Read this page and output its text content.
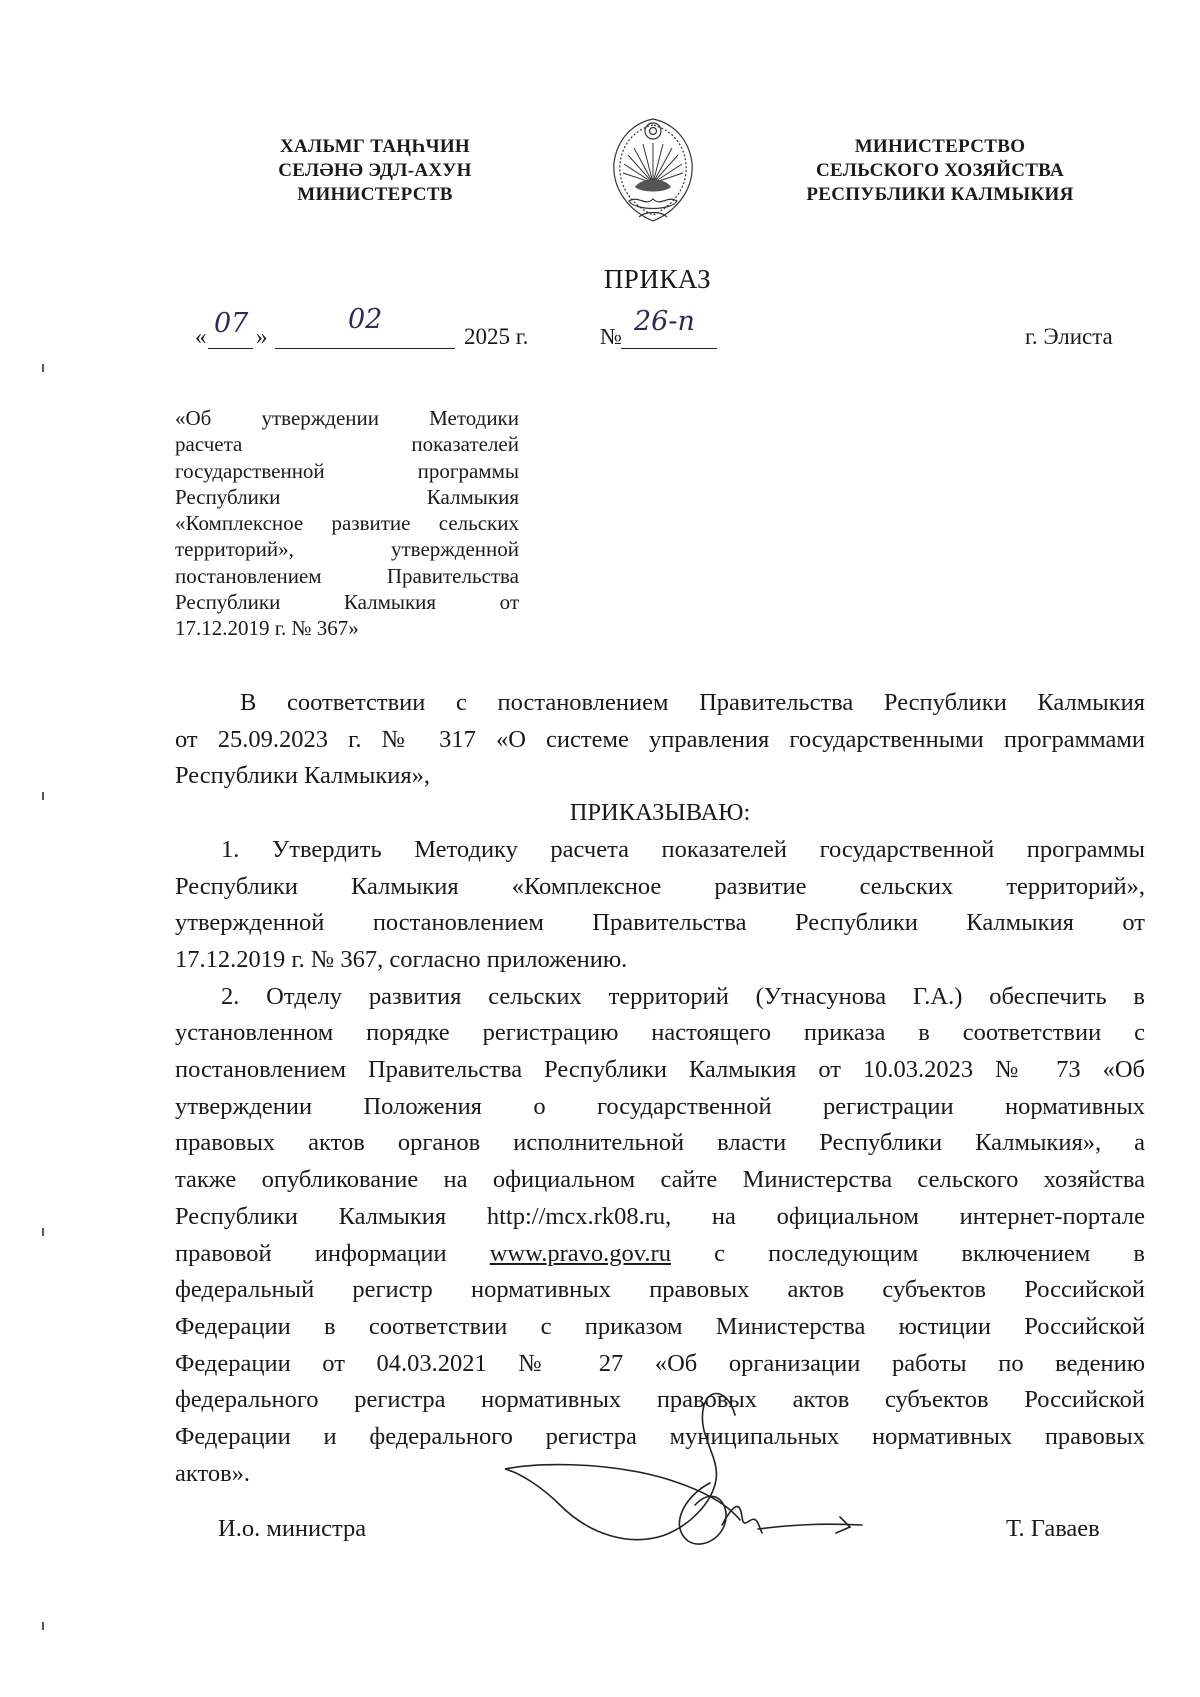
ХАЛЬМГ ТАҢҺЧИН
СЕЛӘНӘ ЭДЛ-АХУН
МИНИСТЕРСТВ
МИНИСТЕРСТВО
СЕЛЬСКОГО ХОЗЯЙСТВА
РЕСПУБЛИКИ КАЛМЫКИЯ
ПРИКАЗ
« 07 »
02
2025 г.	№ 26-п	г. Элиста
«Об утверждении Методики
расчета показателей
государственной программы
Республики Калмыкия
«Комплексное развитие сельских
территорий», утвержденной
постановлением Правительства
Республики Калмыкия от
17.12.2019 г. № 367»
В соответствии с постановлением Правительства Республики Калмыкия
от 25.09.2023 г. № 317 «О системе управления государственными программами
Республики Калмыкия»,
ПРИКАЗЫВАЮ:
1. Утвердить Методику расчета показателей государственной программы
Республики Калмыкия «Комплексное развитие сельских территорий»,
утвержденной постановлением Правительства Республики Калмыкия от
17.12.2019 г. № 367, согласно приложению.
2. Отделу развития сельских территорий (Утнасунова Г.А.) обеспечить в
установленном порядке регистрацию настоящего приказа в соответствии с
постановлением Правительства Республики Калмыкия от 10.03.2023 № 73 «Об
утверждении Положения о государственной регистрации нормативных
правовых актов органов исполнительной власти Республики Калмыкия», а
также опубликование на официальном сайте Министерства сельского хозяйства
Республики Калмыкия http://mcx.rk08.ru, на официальном интернет-портале
правовой информации www.pravo.gov.ru с последующим включением в
федеральный регистр нормативных правовых актов субъектов Российской
Федерации в соответствии с приказом Министерства юстиции Российской
Федерации от 04.03.2021 № 27 «Об организации работы по ведению
федерального регистра нормативных правовых актов субъектов Российской
Федерации и федерального регистра муниципальных нормативных правовых
актов».
И.о. министра	Т. Гаваев
